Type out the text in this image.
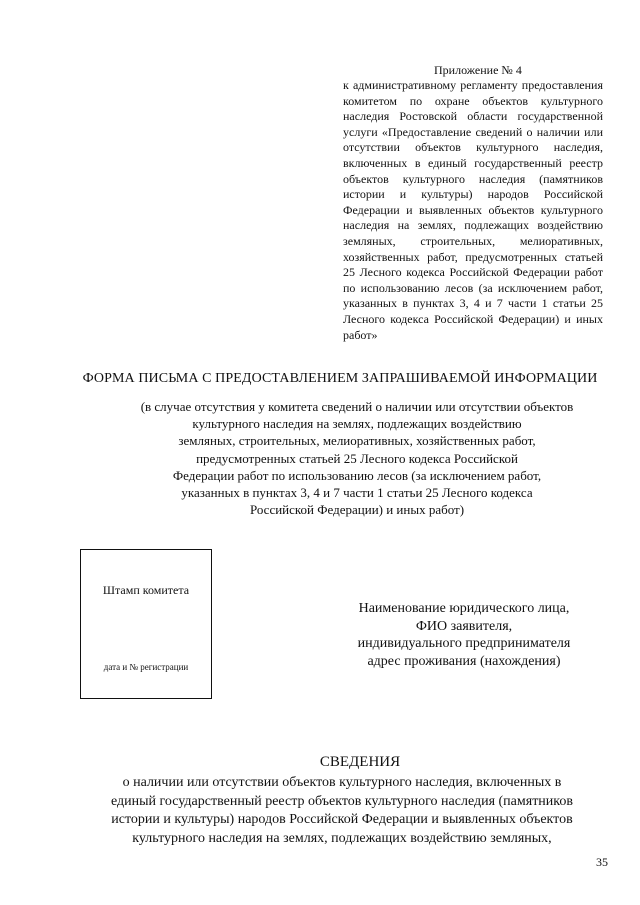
Приложение № 4
к административному регламенту предоставления комитетом по охране объектов культурного наследия Ростовской области государственной услуги «Предоставление сведений о наличии или отсутствии объектов культурного наследия, включенных в единый государственный реестр объектов культурного наследия (памятников истории и культуры) народов Российской Федерации и выявленных объектов культурного наследия на землях, подлежащих воздействию земляных, строительных, мелиоративных, хозяйственных работ, предусмотренных статьей 25 Лесного кодекса Российской Федерации работ по использованию лесов (за исключением работ, указанных в пунктах 3, 4 и 7 части 1 статьи 25 Лесного кодекса Российской Федерации) и иных работ»
ФОРМА ПИСЬМА С ПРЕДОСТАВЛЕНИЕМ ЗАПРАШИВАЕМОЙ ИНФОРМАЦИИ
(в случае отсутствия у комитета сведений о наличии или отсутствии объектов
культурного наследия на землях, подлежащих воздействию
земляных, строительных, мелиоративных, хозяйственных работ,
предусмотренных статьей 25 Лесного кодекса Российской
Федерации работ по использованию лесов (за исключением работ,
указанных в пунктах 3, 4 и 7 части 1 статьи 25 Лесного кодекса
Российской Федерации) и иных работ)
Штамп комитета
дата и № регистрации
Наименование юридического лица,
ФИО заявителя,
индивидуального предпринимателя
адрес проживания (нахождения)
СВЕДЕНИЯ
о наличии или отсутствии объектов культурного наследия, включенных в
единый государственный реестр объектов культурного наследия (памятников
истории и культуры) народов Российской Федерации и выявленных объектов
культурного наследия на землях, подлежащих воздействию земляных,
35
